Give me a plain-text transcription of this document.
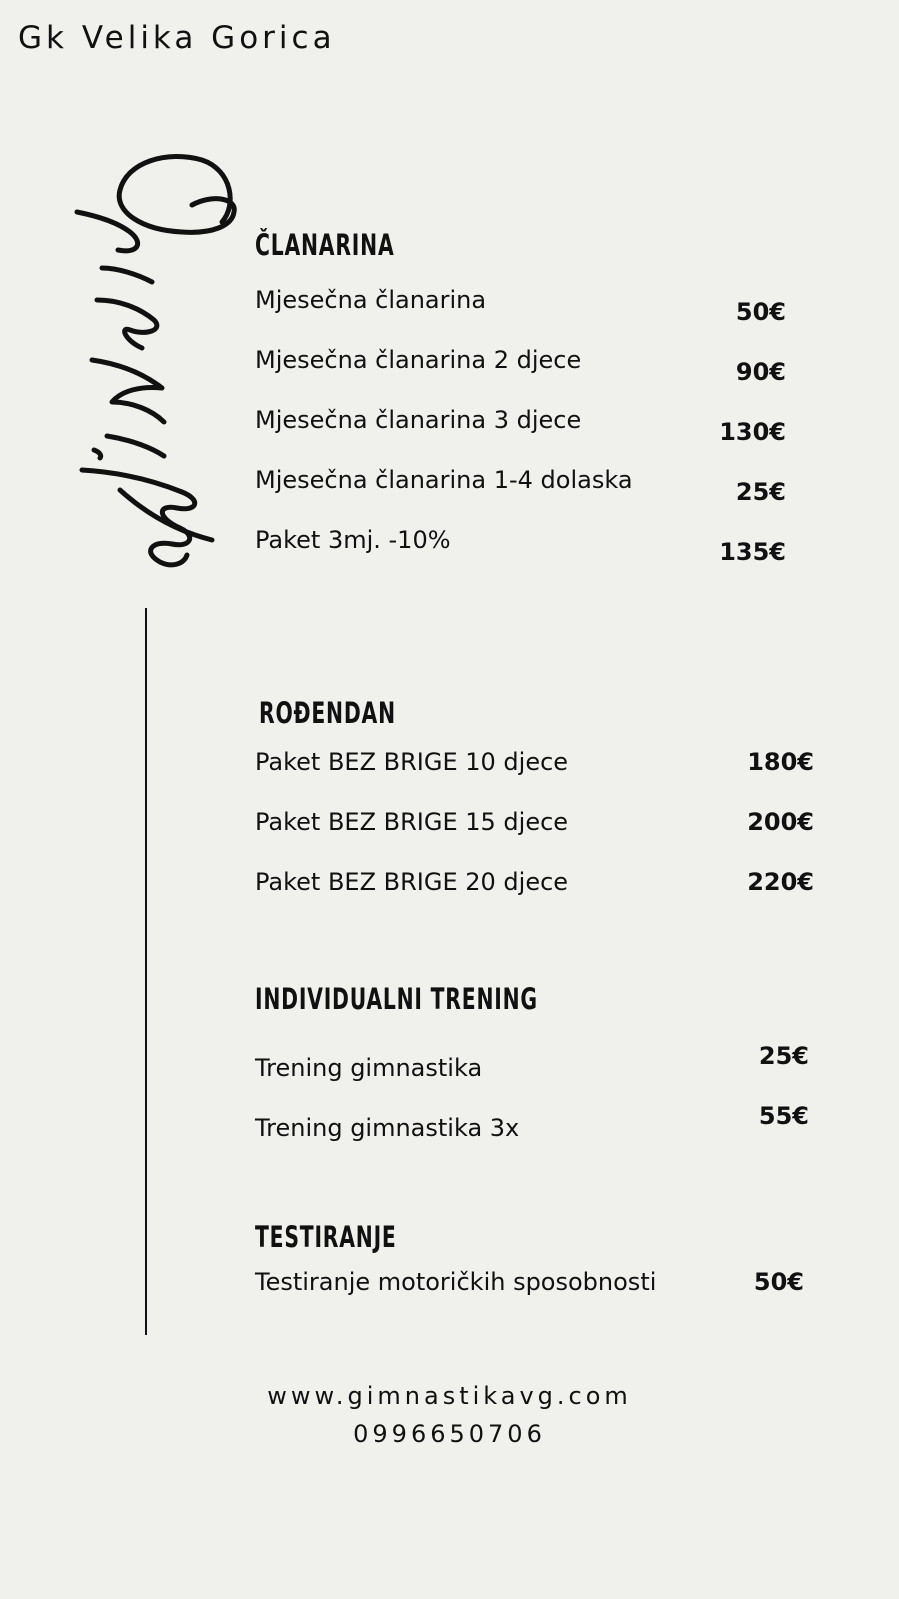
Gk Velika Gorica
ČLANARINA
Mjesečna članarina	50€
Mjesečna članarina 2 djece	90€
Mjesečna članarina 3 djece	130€
Mjesečna članarina 1-4 dolaska	25€
Paket 3mj. -10%	135€
ROĐENDAN
Paket BEZ BRIGE 10 djece	180€
Paket BEZ BRIGE 15 djece	200€
Paket BEZ BRIGE 20 djece	220€
INDIVIDUALNI TRENING
Trening gimnastika	25€
Trening gimnastika 3x	55€
TESTIRANJE
Testiranje motoričkih sposobnosti	50€
www.gimnastikavg.com
0996650706
